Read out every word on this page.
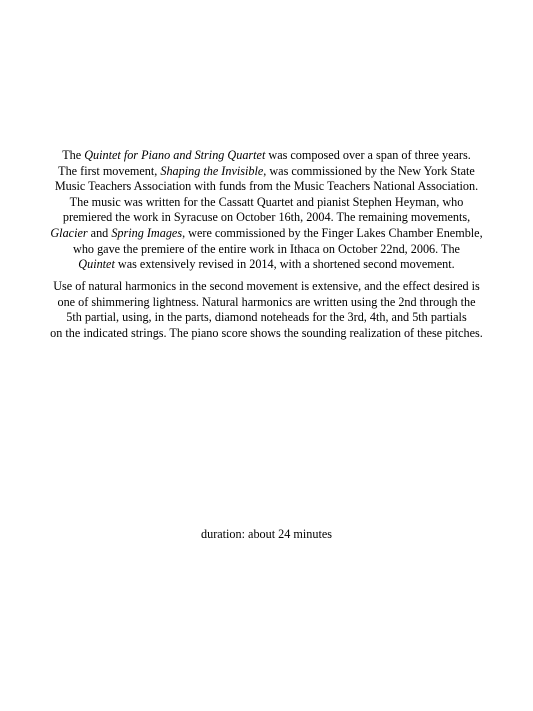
The Quintet for Piano and String Quartet was composed over a span of three years.
The first movement, Shaping the Invisible, was commissioned by the New York State
Music Teachers Association with funds from the Music Teachers National Association.
The music was written for the Cassatt Quartet and pianist Stephen Heyman, who
premiered the work in Syracuse on October 16th, 2004. The remaining movements,
Glacier and Spring Images, were commissioned by the Finger Lakes Chamber Enemble,
who gave the premiere of the entire work in Ithaca on October 22nd, 2006. The
Quintet was extensively revised in 2014, with a shortened second movement.

Use of natural harmonics in the second movement is extensive, and the effect desired is
one of shimmering lightness. Natural harmonics are written using the 2nd through the
5th partial, using, in the parts, diamond noteheads for the 3rd, 4th, and 5th partials
on the indicated strings. The piano score shows the sounding realization of these pitches.

duration: about 24 minutes
